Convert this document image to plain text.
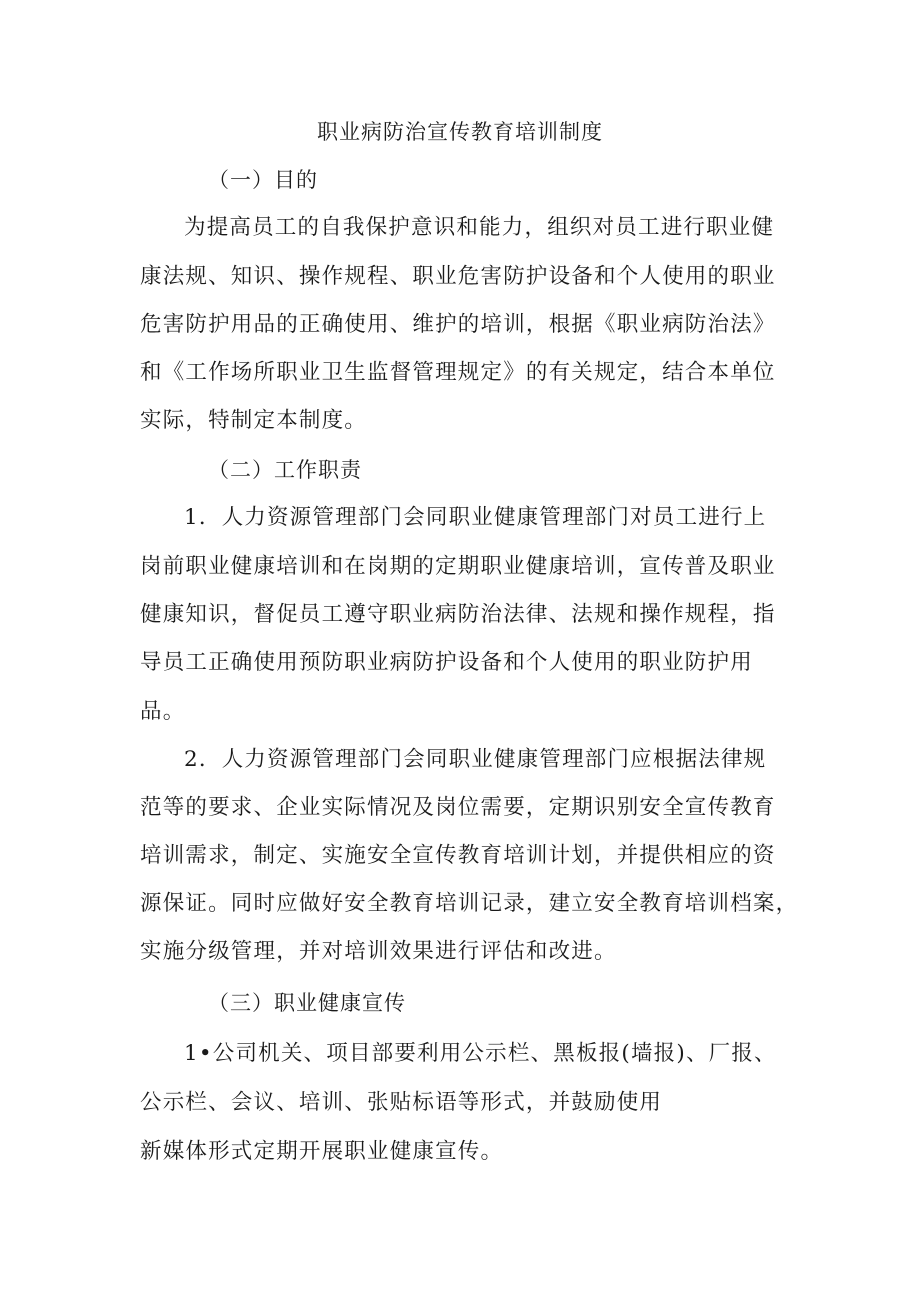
职业病防治宣传教育培训制度
（一）目的
为提高员工的自我保护意识和能力，组织对员工进行职业健
康法规、知识、操作规程、职业危害防护设备和个人使用的职业
危害防护用品的正确使用、维护的培训，根据《职业病防治法》
和《工作场所职业卫生监督管理规定》的有关规定，结合本单位
实际，特制定本制度。
（二）工作职责
1．人力资源管理部门会同职业健康管理部门对员工进行上
岗前职业健康培训和在岗期的定期职业健康培训，宣传普及职业
健康知识，督促员工遵守职业病防治法律、法规和操作规程，指
导员工正确使用预防职业病防护设备和个人使用的职业防护用
品。
2．人力资源管理部门会同职业健康管理部门应根据法律规
范等的要求、企业实际情况及岗位需要，定期识别安全宣传教育
培训需求，制定、实施安全宣传教育培训计划，并提供相应的资
源保证。同时应做好安全教育培训记录，建立安全教育培训档案，
实施分级管理，并对培训效果进行评估和改进。
（三）职业健康宣传
1•公司机关、项目部要利用公示栏、黑板报(墙报)、厂报、
公示栏、会议、培训、张贴标语等形式，并鼓励使用
新媒体形式定期开展职业健康宣传。
